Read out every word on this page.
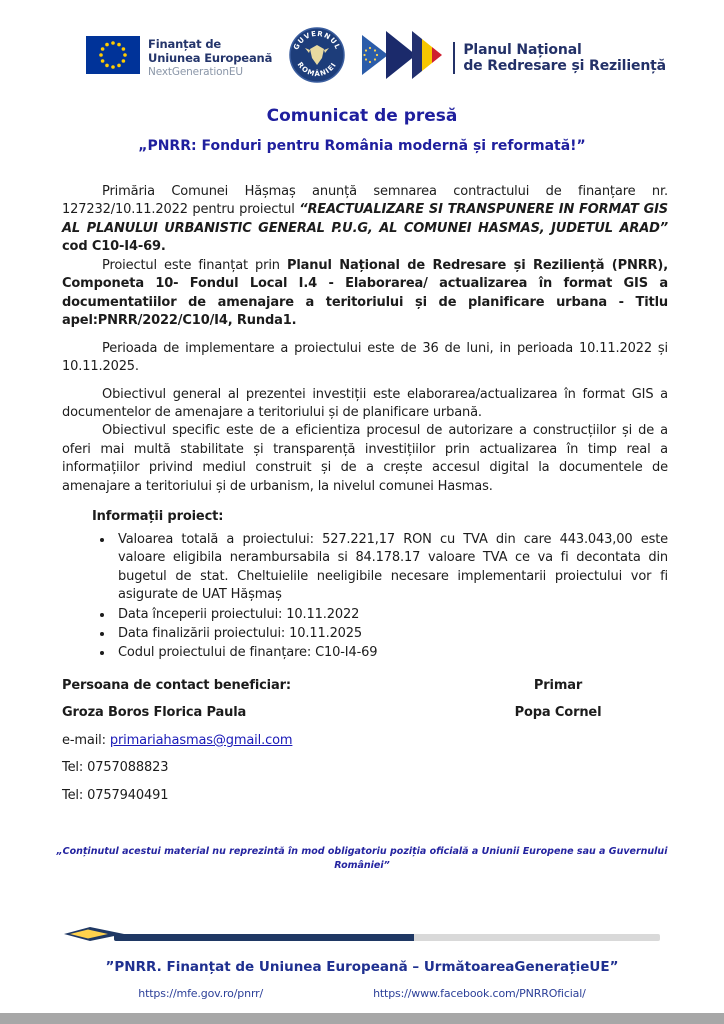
Finanțat de
Uniunea Europeană
NextGenerationEU
GUVERNUL
ROMÂNIEI
Planul Național
de Redresare și Reziliență
Comunicat de presă
„PNRR: Fonduri pentru România modernă și reformată!”

Primăria Comunei Hășmaș anunță semnarea contractului de finanțare nr. 127232/10.11.2022 pentru proiectul “REACTUALIZARE SI TRANSPUNERE IN FORMAT GIS AL PLANULUI URBANISTIC GENERAL P.U.G, AL COMUNEI HASMAS, JUDETUL ARAD” cod C10-I4-69.

Proiectul este finanțat prin Planul Național de Redresare și Reziliență (PNRR), Componeta 10- Fondul Local I.4 - Elaborarea/ actualizarea în format GIS a documentatiilor de amenajare a teritoriului și de planificare urbana - Titlu apel:PNRR/2022/C10/I4, Runda1.

Perioada de implementare a proiectului este de 36 de luni, in perioada 10.11.2022 și 10.11.2025.

Obiectivul general al prezentei investiții este elaborarea/actualizarea în format GIS a documentelor de amenajare a teritoriului și de planificare urbană.

Obiectivul specific este de a eficientiza procesul de autorizare a construcțiilor și de a oferi mai multă stabilitate și transparență investițiilor prin actualizarea în timp real a informațiilor privind mediul construit și de a crește accesul digital la documentele de amenajare a teritoriului și de urbanism, la nivelul comunei Hasmas.

Informații proiect:
• Valoarea totală a proiectului: 527.221,17 RON cu TVA din care 443.043,00 este valoare eligibila nerambursabila si 84.178.17 valoare TVA ce va fi decontata din bugetul de stat. Cheltuielile neeligibile necesare implementarii proiectului vor fi asigurate de UAT Hășmaș
• Data începerii proiectului: 10.11.2022
• Data finalizării proiectului: 10.11.2025
• Codul proiectului de finanțare: C10-I4-69
Persoana de contact beneficiar:	Primar
Groza Boros Florica Paula	Popa Cornel
e-mail: primariahasmas@gmail.com
Tel: 0757088823
Tel: 0757940491
„Conținutul acestui material nu reprezintă în mod obligatoriu poziția oficială a Uniunii Europene sau a Guvernului României”
”PNRR. Finanțat de Uniunea Europeană – UrmătoareaGenerațieUE”
https://mfe.gov.ro/pnrr/	https://www.facebook.com/PNRROficial/
